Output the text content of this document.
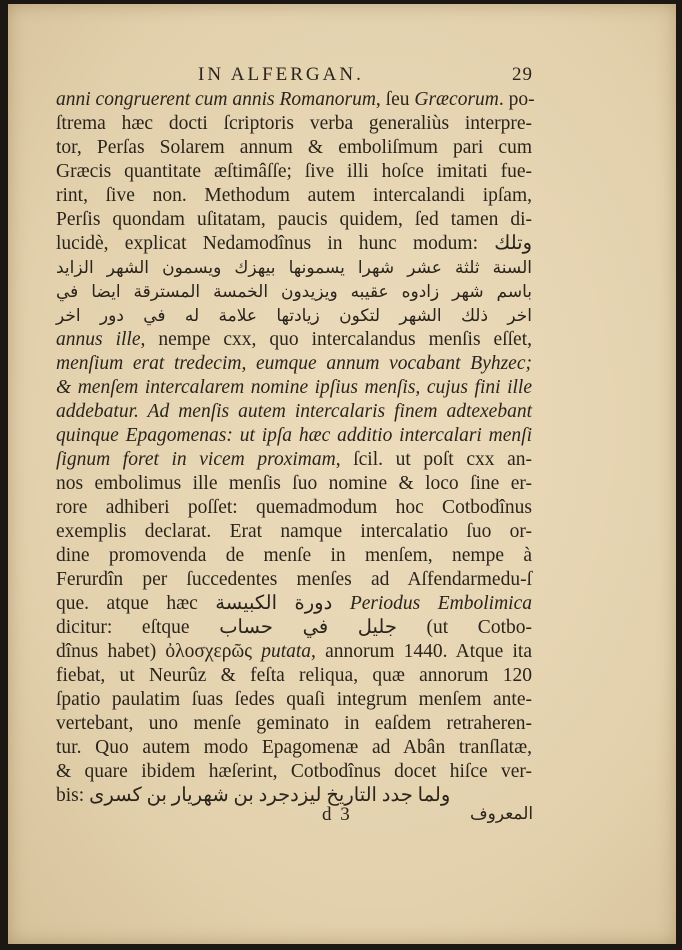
IN ALFERGAN.	29
anni congruerent cum annis Romanorum, ſeu Græcorum. po-
ſtrema hæc docti ſcriptoris verba generaliùs interpre-
tor, Perſas Solarem annum & emboliſmum pari cum
Græcis quantitate æſtimâſſe; ſive illi hoſce imitati fue-
rint, ſive non. Methodum autem intercalandi ipſam,
Perſis quondam uſitatam, paucis quidem, ſed tamen di-
lucidè, explicat Nedamodînus in hunc modum: وتلك
السنة ثلثة عشر شهرا يسمونها بيهزك ويسمون الشهر الزايد
باسم شهر زادوه عقيبه ويزيدون الخمسة المسترقة ايضا في
اخر ذلك الشهر لتكون زيادتها علامة له في دور اخر
annus ille, nempe cxx, quo intercalandus menſis eſſet,
menſium erat tredecim, eumque annum vocabant Byhzec;
& menſem intercalarem nomine ipſius menſis, cujus fini ille
addebatur. Ad menſis autem intercalaris finem adtexebant
quinque Epagomenas: ut ipſa hæc additio intercalari menſi
ſignum foret in vicem proximam, ſcil. ut poſt cxx an-
nos embolimus ille menſis ſuo nomine & loco ſine er-
rore adhiberi poſſet: quemadmodum hoc Cotbodînus
exemplis declarat. Erat namque intercalatio ſuo or-
dine promovenda de menſe in menſem, nempe à
Ferurdîn per ſuccedentes menſes ad Aſfendarmedu-ſ
que. atque hæc دورة الكبيسة Periodus Embolimica
dicitur: eſtque جليل في حساب (ut Cotbo-
dînus habet) ὀλοσχερῶς putata, annorum 1440. Atque ita
fiebat, ut Neurûz & feſta reliqua, quæ annorum 120
ſpatio paulatim ſuas ſedes quaſi integrum menſem ante-
vertebant, uno menſe geminato in eaſdem retraheren-
tur. Quo autem modo Epagomenæ ad Abân tranſlatæ,
& quare ibidem hæſerint, Cotbodînus docet hiſce ver-
bis: ولما جدد التاريخ ليزدجرد بن شهريار بن كسرى
d 3	المعروف
